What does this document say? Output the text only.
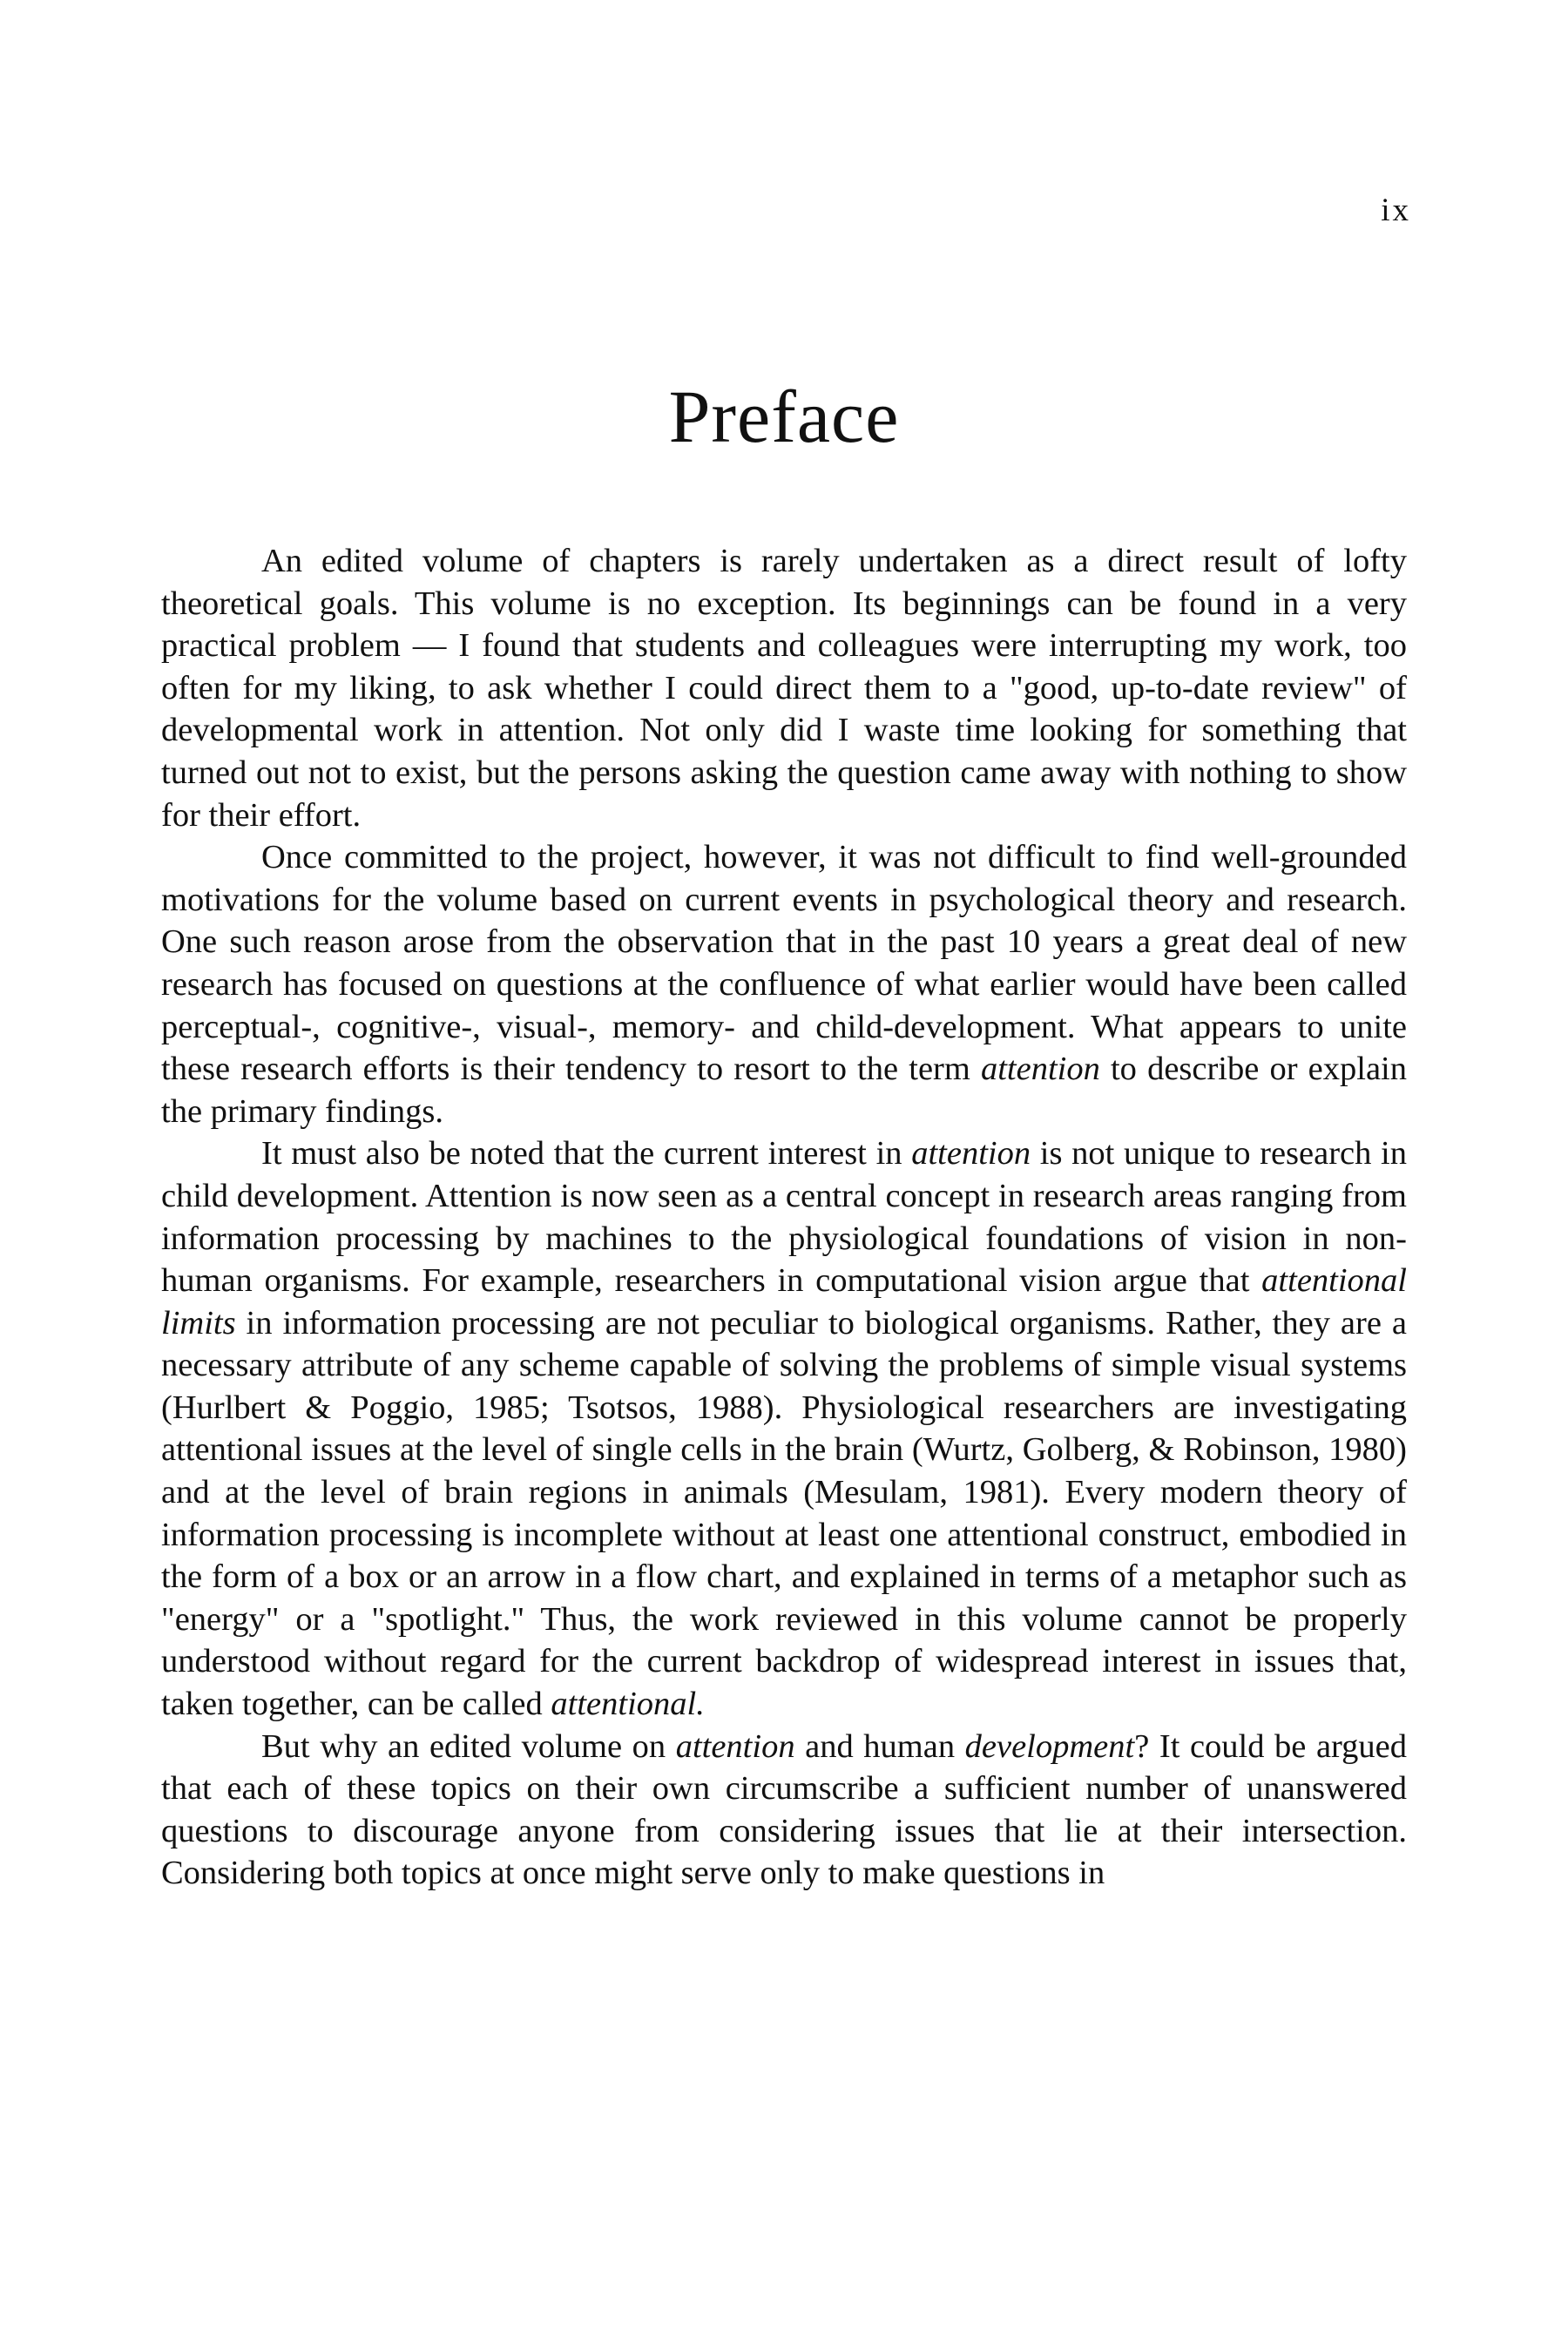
ix
Preface

An edited volume of chapters is rarely undertaken as a direct result of lofty theoretical goals. This volume is no exception. Its beginnings can be found in a very practical problem — I found that students and colleagues were interrupting my work, too often for my liking, to ask whether I could direct them to a "good, up-to-date review" of developmental work in attention. Not only did I waste time looking for something that turned out not to exist, but the persons asking the question came away with nothing to show for their effort.

Once committed to the project, however, it was not difficult to find well-grounded motivations for the volume based on current events in psychological theory and research. One such reason arose from the observation that in the past 10 years a great deal of new research has focused on questions at the confluence of what earlier would have been called perceptual-, cognitive-, visual-, memory- and child-development. What appears to unite these research efforts is their tendency to resort to the term attention to describe or explain the primary findings.

It must also be noted that the current interest in attention is not unique to research in child development. Attention is now seen as a central concept in research areas ranging from information processing by machines to the physiological foundations of vision in non-human organisms. For example, researchers in computational vision argue that attentional limits in information processing are not peculiar to biological organisms. Rather, they are a necessary attribute of any scheme capable of solving the problems of simple visual systems (Hurlbert & Poggio, 1985; Tsotsos, 1988). Physiological researchers are investigating attentional issues at the level of single cells in the brain (Wurtz, Golberg, & Robinson, 1980) and at the level of brain regions in animals (Mesulam, 1981). Every modern theory of information processing is incomplete without at least one attentional construct, embodied in the form of a box or an arrow in a flow chart, and explained in terms of a metaphor such as "energy" or a "spotlight." Thus, the work reviewed in this volume cannot be properly understood without regard for the current backdrop of widespread interest in issues that, taken together, can be called attentional.

But why an edited volume on attention and human development? It could be argued that each of these topics on their own circumscribe a sufficient number of unanswered questions to discourage anyone from considering issues that lie at their intersection. Considering both topics at once might serve only to make questions in
